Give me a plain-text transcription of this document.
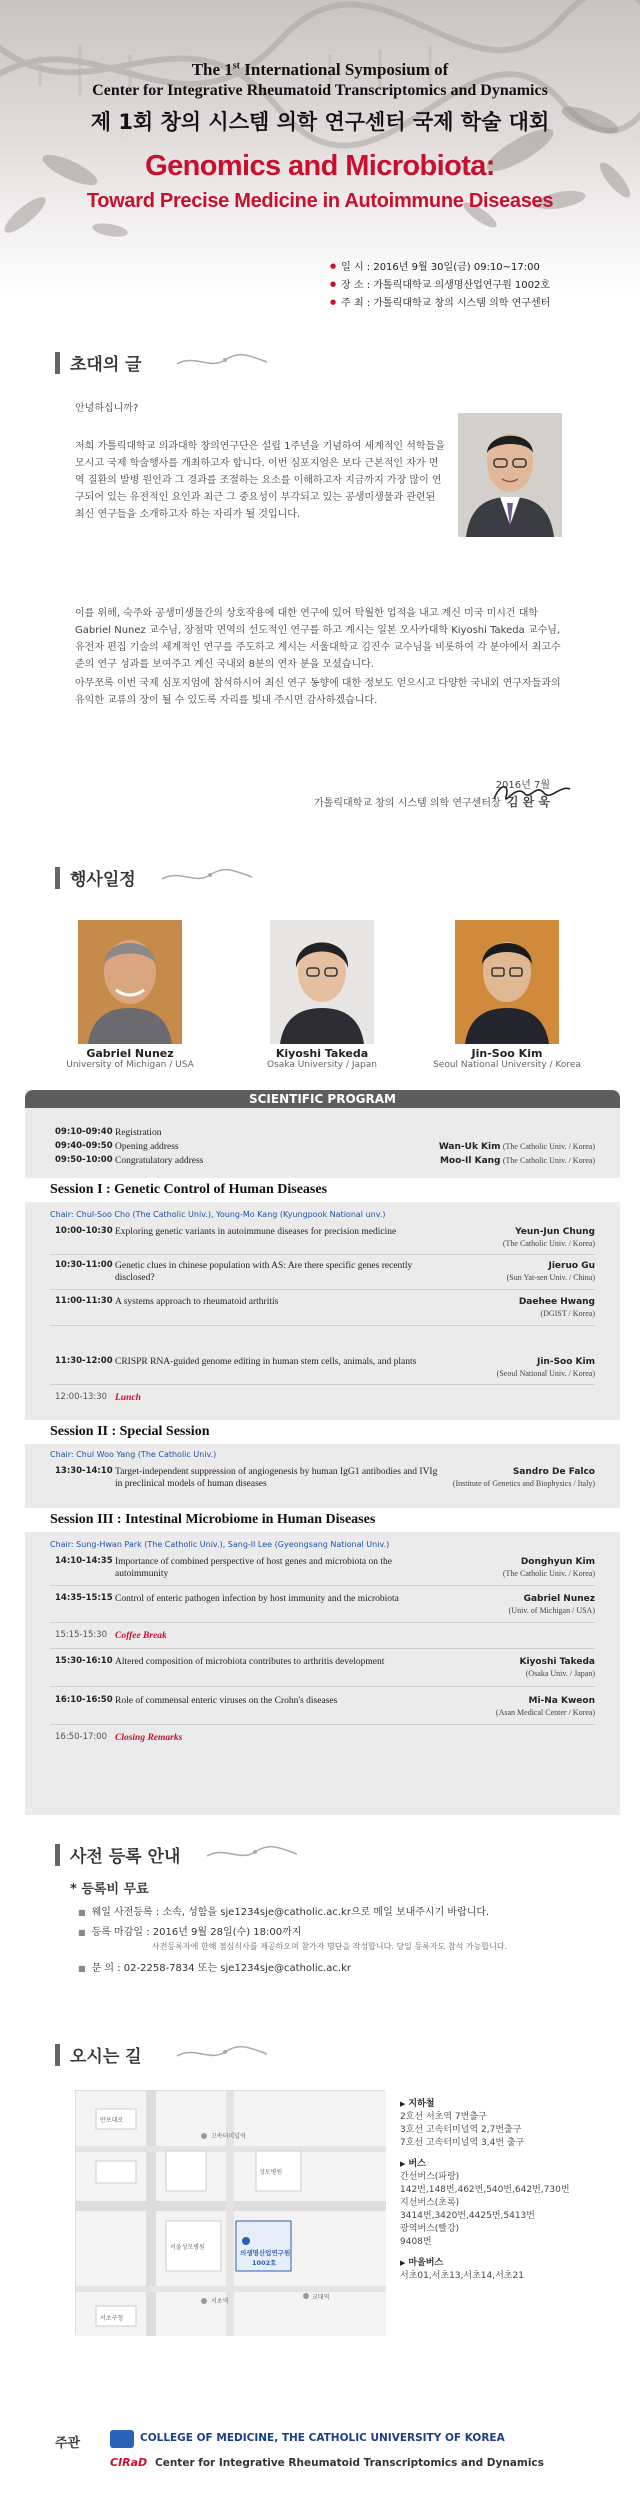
The 1st International Symposium of
Center for Integrative Rheumatoid Transcriptomics and Dynamics
제 1회 창의 시스템 의학 연구센터 국제 학술 대회
Genomics and Microbiota:
Toward Precise Medicine in Autoimmune Diseases
● 일 시 : 2016년 9월 30일(금) 09:10~17:00
● 장 소 : 가톨릭대학교 의생명산업연구원 1002호
● 주 최 : 가톨릭대학교 창의 시스템 의학 연구센터
초대의 글
안녕하십니까?
저희 가톨릭대학교 의과대학 창의연구단은 설립 1주년을 기념하여 세계적인 석학들을 모시고 국제 학술행사를 개최하고자 합니다. 이번 심포지엄은 보다 근본적인 자가 면역 질환의 발병 원인과 그 경과를 조절하는 요소를 이해하고자 지금까지 가장 많이 연구되어 있는 유전적인 요인과 최근 그 중요성이 부각되고 있는 공생미생물과 관련된 최신 연구들을 소개하고자 하는 자리가 될 것입니다.
이를 위해, 숙주와 공생미생물간의 상호작용에 대한 연구에 있어 탁월한 업적을 내고 계신 미국 미시건 대학 Gabriel Nunez 교수님, 장점막 면역의 선도적인 연구를 하고 계시는 일본 오사카대학 Kiyoshi Takeda 교수님, 유전자 편집 기술의 세계적인 연구를 주도하고 계시는 서울대학교 김진수 교수님을 비롯하여 각 분야에서 최고수준의 연구 성과를 보여주고 계신 국내외 8분의 연자 분을 모셨습니다.
아무쪼록 이번 국제 심포지엄에 참석하시어 최신 연구 동향에 대한 정보도 얻으시고 다양한 국내외 연구자들과의 유익한 교류의 장이 될 수 있도록 자리를 빛내 주시면 감사하겠습니다.
2016년 7월
가톨릭대학교 창의 시스템 의학 연구센터장 김 완 욱
행사일정
Gabriel Nunez
University of Michigan / USA
Kiyoshi Takeda
Osaka University / Japan
Jin-Soo Kim
Seoul National University / Korea
SCIENTIFIC PROGRAM
09:10-09:40 Registration
09:40-09:50 Opening address	Wan-Uk Kim (The Catholic Univ. / Korea)
09:50-10:00 Congratulatory address	Moo-Il Kang (The Catholic Univ. / Korea)
Session I : Genetic Control of Human Diseases
Chair: Chul-Soo Cho (The Catholic Univ.), Young-Mo Kang (Kyungpook National unv.)
10:00-10:30 Exploring genetic variants in autoimmune diseases for precision medicine	Yeun-Jun Chung
(The Catholic Univ. / Korea)
10:30-11:00 Genetic clues in chinese population with AS: Are there specific genes recently disclosed?
Jieruo Gu
(Sun Yat-sen Univ. / China)
11:00-11:30 A systems approach to rheumatoid arthritis	Daehee Hwang
(DGIST / Korea)
11:30-12:00 CRISPR RNA-guided genome editing in human stem cells, animals, and plants	Jin-Soo Kim
(Seoul National Univ. / Korea)
12:00-13:30 Lunch
Session II : Special Session
Chair: Chul Woo Yang (The Catholic Univ.)
13:30-14:10 Target-independent suppression of angiogenesis by human IgG1 antibodies and IVIg in preclinical models of human diseases
Sandro De Falco
(Institute of Genetics and Biophysics / Italy)
Session III : Intestinal Microbiome in Human Diseases
Chair: Sung-Hwan Park (The Catholic Univ.), Sang-Il Lee (Gyeongsang National Univ.)
14:10-14:35 Importance of combined perspective of host genes and microbiota on the autoimmunity
Donghyun Kim
(The Catholic Univ. / Korea)
14:35-15:15 Control of enteric pathogen infection by host immunity and the microbiota	Gabriel Nunez
(Univ. of Michigan / USA)
15:15-15:30 Coffee Break
15:30-16:10 Altered composition of microbiota contributes to arthritis development	Kiyoshi Takeda
(Osaka Univ. / Japan)
16:10-16:50 Role of commensal enteric viruses on the Crohn's diseases	Mi-Na Kweon
(Asan Medical Center / Korea)
16:50-17:00 Closing Remarks
사전 등록 안내
* 등록비 무료
■ 웨일 사전등록 : 소속, 성함을 sje1234sje@catholic.ac.kr으로 메일 보내주시기 바랍니다.
■ 등록 마감일 : 2016년 9월 28일(수) 18:00까지
사전등록자에 한해 점심식사를 제공하오며 참가자 명단을 작성합니다. 당일 등록자도 참석 가능합니다.
■ 문 의 : 02-2258-7834 또는 sje1234sje@catholic.ac.kr
오시는 길
반포대로
고속터미널역
서초역
의생명산업연구원
1002호
성모병원
서울성모병원
교대역
서초구청
▶ 지하철
2호선 서초역 7번출구
3호선 고속터미널역 2,7번출구
7호선 고속터미널역 3,4번 출구
▶ 버스
간선버스(파랑)
142번,148번,462번,540번,642번,730번
지선버스(초록)
3414번,3420번,4425번,5413번
광역버스(빨강)
9408번
▶ 마을버스
서초01,서초13,서초14,서초21
주관	COLLEGE OF MEDICINE, THE CATHOLIC UNIVERSITY OF KOREA
CIRaD Center for Integrative Rheumatoid Transcriptomics and Dynamics
